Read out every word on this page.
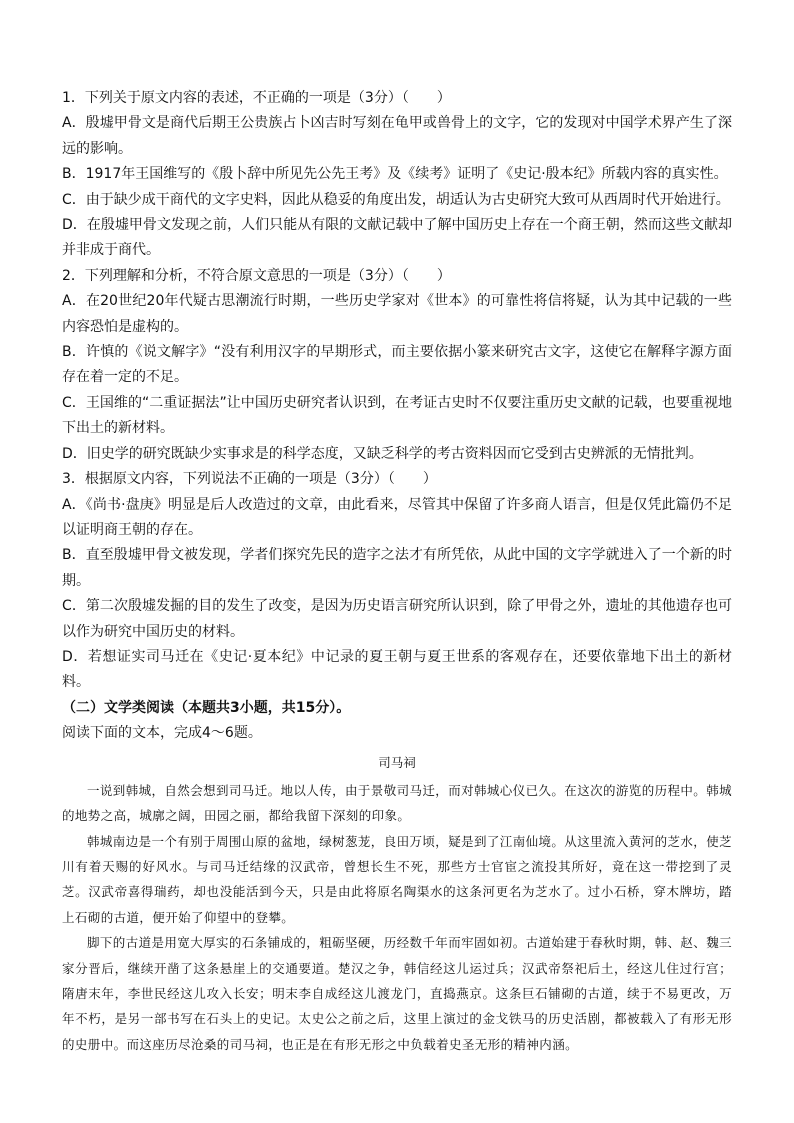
1．下列关于原文内容的表述，不正确的一项是（3分）（　　）

A．殷墟甲骨文是商代后期王公贵族占卜凶吉时写刻在龟甲或兽骨上的文字，它的发现对中国学术界产生了深远的影响。

B．1917年王国维写的《殷卜辞中所见先公先王考》及《续考》证明了《史记·殷本纪》所载内容的真实性。

C．由于缺少成干商代的文字史料，因此从稳妥的角度出发，胡适认为古史研究大致可从西周时代开始进行。

D．在殷墟甲骨文发现之前，人们只能从有限的文献记载中了解中国历史上存在一个商王朝，然而这些文献却并非成于商代。

2．下列理解和分析，不符合原文意思的一项是（3分）（　　）

A．在20世纪20年代疑古思潮流行时期，一些历史学家对《世本》的可靠性将信将疑，认为其中记载的一些内容恐怕是虚构的。

B．许慎的《说文解字》“没有利用汉字的早期形式，而主要依据小篆来研究古文字，这使它在解释字源方面存在着一定的不足。

C．王国维的“二重证据法”让中国历史研究者认识到，在考证古史时不仅要注重历史文献的记载，也要重视地下出土的新材料。

D．旧史学的研究既缺少实事求是的科学态度，又缺乏科学的考古资料因而它受到古史辨派的无情批判。

3．根据原文内容，下列说法不正确的一项是（3分）（　　）

A．《尚书·盘庚》明显是后人改造过的文章，由此看来，尽管其中保留了许多商人语言，但是仅凭此篇仍不足以证明商王朝的存在。

B．直至殷墟甲骨文被发现，学者们探究先民的造字之法才有所凭依，从此中国的文字学就进入了一个新的时期。

C．第二次殷墟发掘的目的发生了改变，是因为历史语言研究所认识到，除了甲骨之外，遗址的其他遗存也可以作为研究中国历史的材料。

D．若想证实司马迁在《史记·夏本纪》中记录的夏王朝与夏王世系的客观存在，还要依靠地下出土的新材料。

（二）文学类阅读（本题共3小题，共15分）。

阅读下面的文本，完成4～6题。

司马祠

一说到韩城，自然会想到司马迁。地以人传，由于景敬司马迁，而对韩城心仪已久。在这次的游览的历程中。韩城的地势之高，城廓之阔，田园之丽，都给我留下深刻的印象。

韩城南边是一个有别于周围山原的盆地，绿树葱茏，良田万顷，疑是到了江南仙境。从这里流入黄河的芝水，使芝川有着天赐的好风水。与司马迁结缘的汉武帝，曾想长生不死，那些方士官宦之流投其所好，竟在这一带挖到了灵芝。汉武帝喜得瑞药，却也没能活到今天，只是由此将原名陶渠水的这条河更名为芝水了。过小石桥，穿木牌坊，踏上石砌的古道，便开始了仰望中的登攀。

脚下的古道是用宽大厚实的石条铺成的，粗砺坚硬，历经数千年而牢固如初。古道始建于春秋时期，韩、赵、魏三家分晋后，继续开凿了这条悬崖上的交通要道。楚汉之争，韩信经这儿运过兵；汉武帝祭祀后土，经这儿住过行宫；隋唐末年，李世民经这儿攻入长安；明末李自成经这儿渡龙门，直捣燕京。这条巨石铺砌的古道，续于不易更改，万年不朽，是另一部书写在石头上的史记。太史公之前之后，这里上演过的金戈铁马的历史活剧，都被载入了有形无形的史册中。而这座历尽沧桑的司马祠，也正是在有形无形之中负载着史圣无形的精神内涵。
